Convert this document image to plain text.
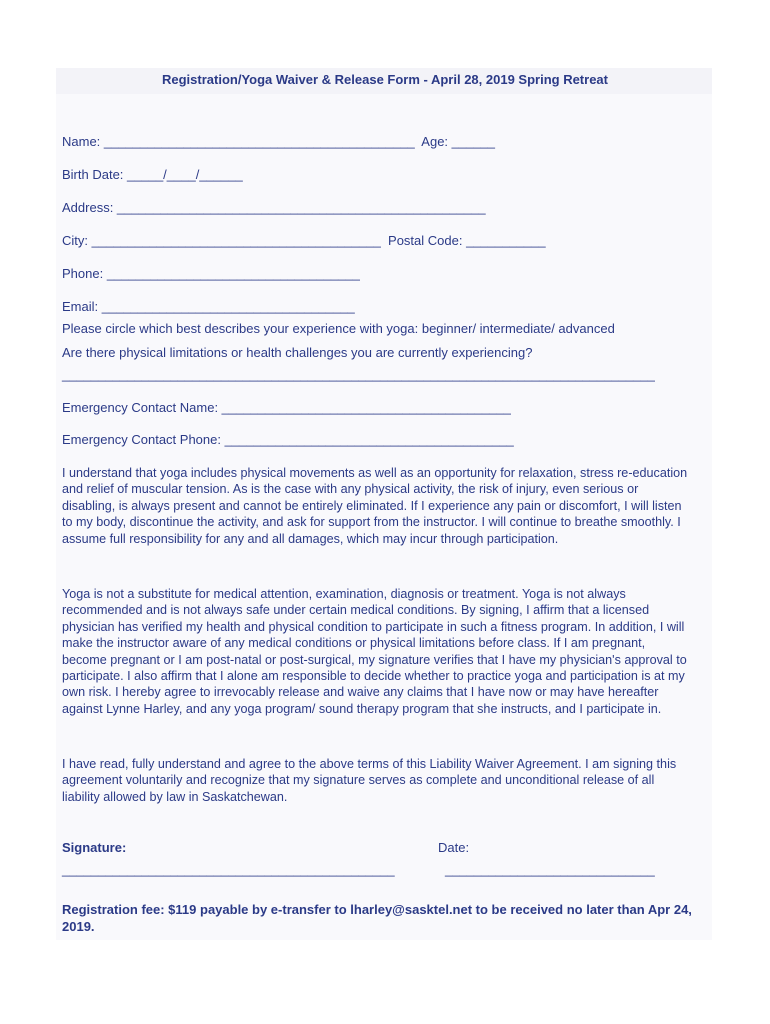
Registration/Yoga Waiver & Release Form - April 28, 2019 Spring Retreat
Name: ___________________________________________  Age: ______
Birth Date: _____/____/______
Address: ___________________________________________________
City: ________________________________________  Postal Code: ___________
Phone: ___________________________________
Email: ___________________________________
Please circle which best describes your experience with yoga: beginner/ intermediate/ advanced
Are there physical limitations or health challenges you are currently experiencing?
__________________________________________________________________________________
Emergency Contact Name: ________________________________________
Emergency Contact Phone: ________________________________________
I understand that yoga includes physical movements as well as an opportunity for relaxation, stress re-education and relief of muscular tension. As is the case with any physical activity, the risk of injury, even serious or disabling, is always present and cannot be entirely eliminated. If I experience any pain or discomfort, I will listen to my body, discontinue the activity, and ask for support from the instructor. I will continue to breathe smoothly. I assume full responsibility for any and all damages, which may incur through participation.
Yoga is not a substitute for medical attention, examination, diagnosis or treatment. Yoga is not always recommended and is not always safe under certain medical conditions. By signing, I affirm that a licensed physician has verified my health and physical condition to participate in such a fitness program. In addition, I will make the instructor aware of any medical conditions or physical limitations before class. If I am pregnant, become pregnant or I am post-natal or post-surgical, my signature verifies that I have my physician's approval to participate. I also affirm that I alone am responsible to decide whether to practice yoga and participation is at my own risk. I hereby agree to irrevocably release and waive any claims that I have now or may have hereafter against Lynne Harley, and any yoga program/ sound therapy program that she instructs, and I participate in.
I have read, fully understand and agree to the above terms of this Liability Waiver Agreement. I am signing this agreement voluntarily and recognize that my signature serves as complete and unconditional release of all liability allowed by law in Saskatchewan.
Signature:	Date:
______________________________________________	_____________________________
Registration fee: $119 payable by e-transfer to lharley@sasktel.net to be received no later than Apr 24, 2019.
